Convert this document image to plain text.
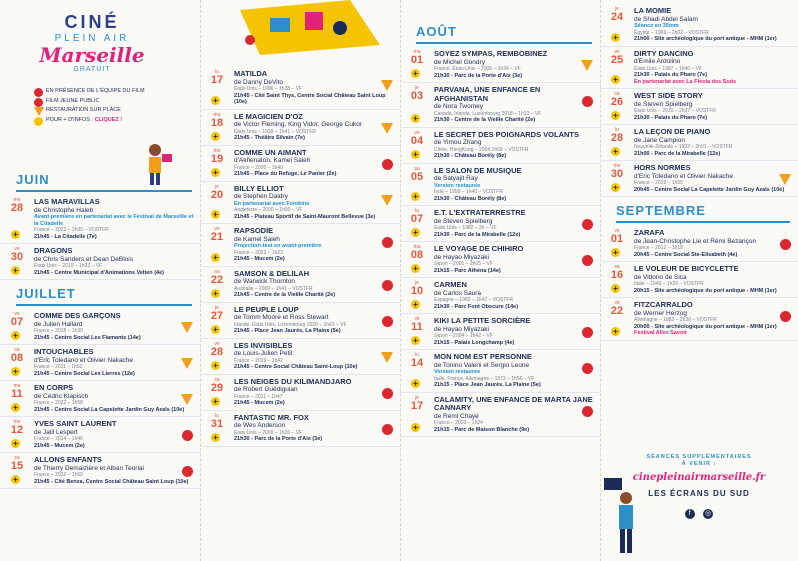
CINÉ
PLEIN AIR
Marseille
GRATUIT
EN PRÉSENCE DE L'ÉQUIPE DU FILM
FILM JEUNE PUBLIC
RESTAURATION SUR PLACE
POUR + D'INFOS : CLIQUEZ !
JUIN
me
28
+
LAS MARAVILLAS
de Christophe Haleb
Avant-première en partenariat avec le Festival de Marseille et la Citadelle
France – 2023 – 1h30 – VOSTFR
21h45 - La Citadelle (7e)
ve
30
+
DRAGONS
de Chris Sanders et Dean DeBlois
États Unis – 2010 – 1h33 – VF
21h45 - Centre Municipal d'Animations Velten (4e)
JUILLET
ve
07
+
COMME DES GARÇONS
de Julien Hallard
France – 2018 – 1h30
21h45 - Centre Social Les Flamants (14e)
sa
08
+
INTOUCHABLES
d'Eric Toledano et Olivier Nakache
France – 2011 – 1h52
21h45 - Centre Social Les Lierres (12e)
ma
11
+
EN CORPS
de Cédric Klapisch
France – 2022 – 1h58
21h45 - Centre Social La Capelette Jardin Guy Azaïs (10e)
me
12
+
YVES SAINT LAURENT
de Jalil Lespert
France – 2014 – 1h46
21h45 - Mucem (2e)
sa
15
+
ALLONS ENFANTS
de Thierry Demaizière et Alban Teurlai
France – 2022 – 1h50
21h45 - Cité Benza, Centre Social Château Saint Loup (10e)
lu
17
+
MATILDA
de Danny DeVito
États Unis – 1996 – 1h38 – VF
21h45 - Cité Saint Thys, Centre Social Château Saint Loup (10e)
ma
18
+
LE MAGICIEN D'OZ
de Victor Fleming, King Vidor, George Cukor
États Unis – 1939 – 1h41 – VOSTFR
21h45 - Théâtre Silvain (7e)
me
19
+
COMME UN AIMANT
d'Akhenaton, Kamel Saleh
France – 2000 – 1h40
21h45 - Place du Refuge, Le Panier (2e)
je
20
+
BILLY ELLIOT
de Stephen Daldry
En partenariat avec Fotokino
Angleterre – 2000 – 1h50 – VF
21h45 - Plateau Sportif de Saint-Mauront Bellevue (3e)
ve
21
+
RAPSODIE
de Kamel Saleh
Projection-test en avant-première
France – 2023 – 1h23
21h45 - Mucem (2e)
sa
22
+
SAMSON & DELILAH
de Warwick Thornton
Australie – 2009 – 1h41 – VOSTFR
21h45 - Centre de la Vieille Charité (2e)
je
27
+
LE PEUPLE LOUP
de Tomm Moore et Ross Stewart
Irlande, États Unis, Luxembourg 2020 – 1h43 – VF
21h45 - Place Jean Jaurès, La Plaine (5e)
ve
28
+
LES INVISIBLES
de Louis-Julien Petit
France – 2019 – 1h42
21h45 - Centre Social Château Saint-Loup (10e)
sa
29
+
LES NEIGES DU KILIMANDJARO
de Robert Guédiguian
France – 2011 – 1h47
21h45 - Mucem (2e)
lu
31
+
FANTASTIC MR. FOX
de Wes Anderson
États Unis – 2009 – 1h26 – VF
21h30 - Parc de la Porte d'Aix (3e)
AOÛT
ma
01
+
SOYEZ SYMPAS, REMBOBINEZ
de Michel Gondry
France, États-Unis – 2008 – 1h34 – VF
21h30 - Parc de la Porte d'Aix (3e)
je
03
+
PARVANA, UNE ENFANCE EN AFGHANISTAN
de Nora Twomey
Canada, Irlande, Luxembourg 2018 – 1h33 – VF
21h30 - Centre de la Vieille Charité (2e)
ve
04
+
LE SECRET DES POIGNARDS VOLANTS
de Yimou Zhang
Chine, HongKong – 2004 1h59 – VOSTFR
21h30 - Château Borély (8e)
sa
05
+
LE SALON DE MUSIQUE
de Satyajit Ray
Version restaurée
Inde – 1958 – 1h40 – VOSTFR
21h30 - Château Borély (8e)
lu
07
+
E.T. L'EXTRATERRESTRE
de Steven Spielberg
États Unis – 1982 – 2h – VF
21h30 - Parc de la Mirabelle (12e)
ma
08
+
LE VOYAGE DE CHIHIRO
de Hayao Miyazaki
Japon – 2001 – 2h05 – VF
21h15 - Parc Athéna (14e)
je
10
+
CARMEN
de Carlos Saura
Espagne – 1983 – 1h42 – VOSTFR
21h30 - Parc Font Obscure (14e)
ve
11
+
KIKI LA PETITE SORCIÈRE
de Hayao Miyazaki
Japon – 2004 – 1h42 – VF
21h15 - Palais Longchamp (4e)
lu
14
+
MON NOM EST PERSONNE
de Tonino Valerii et Sergio Leone
Version restaurée
Italie, France, Allemagne – 1973 – 1h56 – VF
21h15 - Place Jean Jaurès, La Plaine (5e)
je
17
+
CALAMITY, UNE ENFANCE DE MARTA JANE CANNARY
de Rémi Chayé
France – 2020 – 1h24
21h15 - Parc de Maison Blanche (9e)
je
24
+
LA MOMIE
de Shadi Abdel Salam
Séance en 35mm
Égypte – 1969 – 2h02 – VOSTFR
21h00 - Site archéologique du port antique - MHM (1er)
ve
25
+
DIRTY DANCING
d'Emile Ardolino
États Unis – 1987 – 1h40 – VF
21h30 - Palais du Pharo (7e)
En partenariat avec La Fiesta des Suds
sa
26
+
WEST SIDE STORY
de Steven Spielberg
États Unis – 2020 – 2h37 – VOSTFR
21h30 - Palais du Pharo (7e)
lu
28
+
LA LEÇON DE PIANO
de Jane Campion
Nouvelle-Zélande – 1993 – 2h01 – VOSTFR
21h00 - Parc de la Mirabelle (12e)
me
30
+
HORS NORMES
d'Eric Toledano et Olivier Nakache
France – 2019 – 1h55
20h45 - Centre Social La Capelette Jardin Guy Azaïs (10e)
SEPTEMBRE
ve
01
+
ZARAFA
de Jean-Christophe Lie et Rémi Bezançon
France – 2012 – 1h18
20h45 - Centre Social Ste-Elisabeth (4e)
sa
16
+
LE VOLEUR DE BICYCLETTE
de Vittorio de Sica
Italie – 1949 – 1h29 – VOSTFR
20h15 - Site archéologique du port antique - MHM (1er)
ve
22
+
FITZCARRALDO
de Werner Herzog
Allemagne – 1982 – 2h30 – VOSTFR
20h00 - Site archéologique du port antique - MHM (1er)
Festival Allez Savoir
SÉANCES SUPPLÉMENTAIRES
À VENIR :
cinepleinairmarseille.fr
LES ÉCRANS DU SUD
f ◎
